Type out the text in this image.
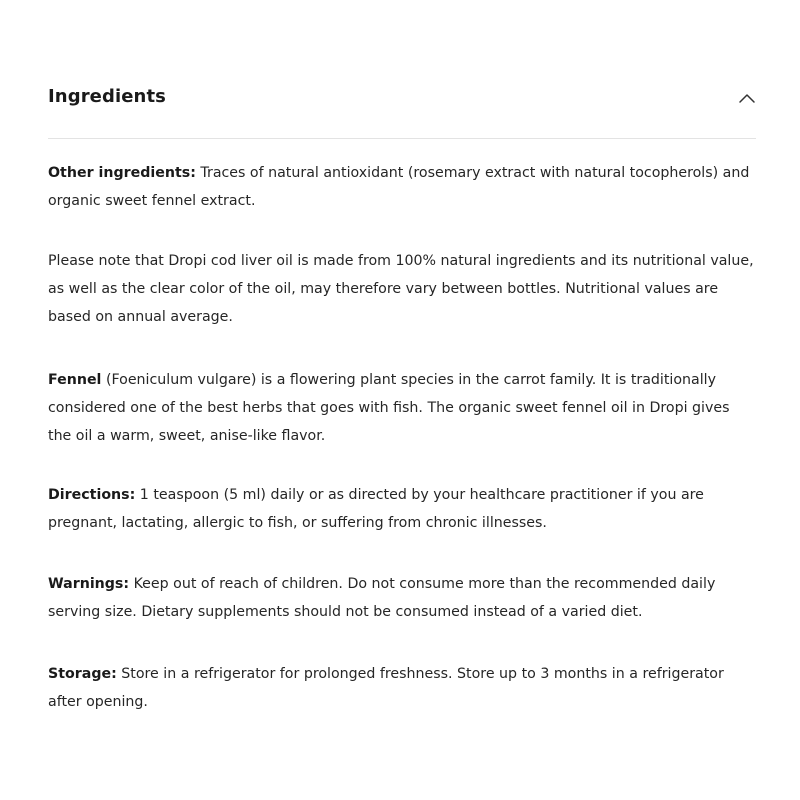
Ingredients

Other ingredients: Traces of natural antioxidant (rosemary extract with natural tocopherols) and organic sweet fennel extract.

Please note that Dropi cod liver oil is made from 100% natural ingredients and its nutritional value, as well as the clear color of the oil, may therefore vary between bottles. Nutritional values are based on annual average.

Fennel (Foeniculum vulgare) is a flowering plant species in the carrot family. It is traditionally considered one of the best herbs that goes with fish. The organic sweet fennel oil in Dropi gives the oil a warm, sweet, anise-like flavor.

Directions: 1 teaspoon (5 ml) daily or as directed by your healthcare practitioner if you are pregnant, lactating, allergic to fish, or suffering from chronic illnesses.

Warnings: Keep out of reach of children. Do not consume more than the recommended daily serving size. Dietary supplements should not be consumed instead of a varied diet.

Storage: Store in a refrigerator for prolonged freshness. Store up to 3 months in a refrigerator after opening.
